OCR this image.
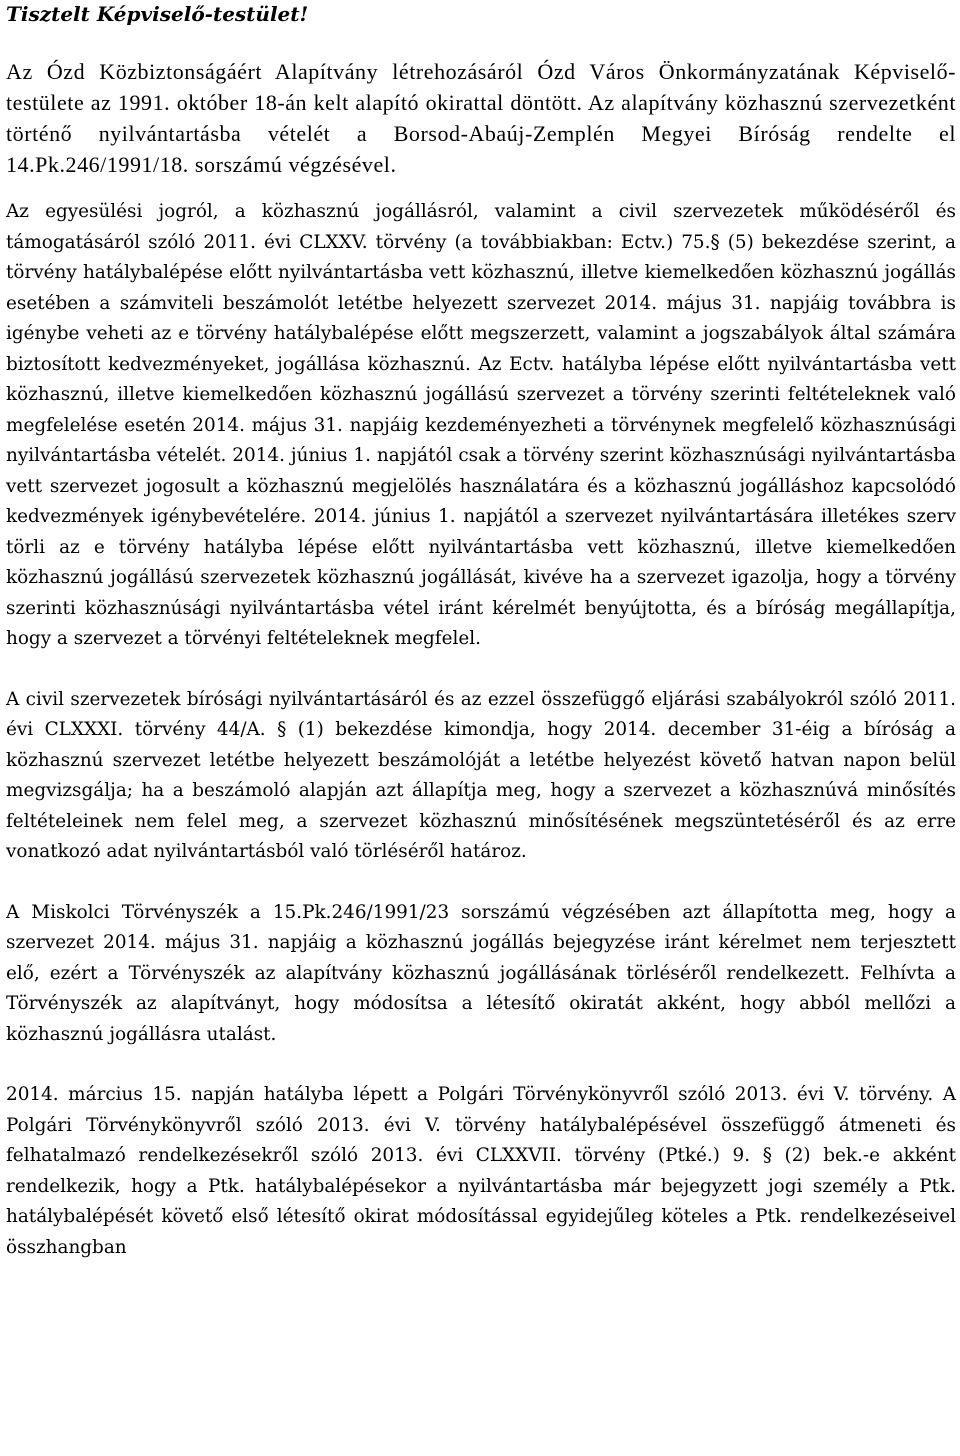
Tisztelt Képviselő-testület!

Az Ózd Közbiztonságáért Alapítvány létrehozásáról Ózd Város Önkormányzatának Képviselő-testülete az 1991. október 18-án kelt alapító okirattal döntött. Az alapítvány közhasznú szervezetként történő nyilvántartásba vételét a Borsod-Abaúj-Zemplén Megyei Bíróság rendelte el 14.Pk.246/1991/18. sorszámú végzésével.

Az egyesülési jogról, a közhasznú jogállásról, valamint a civil szervezetek működéséről és támogatásáról szóló 2011. évi CLXXV. törvény (a továbbiakban: Ectv.) 75.§ (5) bekezdése szerint, a törvény hatálybalépése előtt nyilvántartásba vett közhasznú, illetve kiemelkedően közhasznú jogállás esetében a számviteli beszámolót letétbe helyezett szervezet 2014. május 31. napjáig továbbra is igénybe veheti az e törvény hatálybalépése előtt megszerzett, valamint a jogszabályok által számára biztosított kedvezményeket, jogállása közhasznú. Az Ectv. hatályba lépése előtt nyilvántartásba vett közhasznú, illetve kiemelkedően közhasznú jogállású szervezet a törvény szerinti feltételeknek való megfelelése esetén 2014. május 31. napjáig kezdeményezheti a törvénynek megfelelő közhasznúsági nyilvántartásba vételét. 2014. június 1. napjától csak a törvény szerint közhasznúsági nyilvántartásba vett szervezet jogosult a közhasznú megjelölés használatára és a közhasznú jogálláshoz kapcsolódó kedvezmények igénybevételére. 2014. június 1. napjától a szervezet nyilvántartására illetékes szerv törli az e törvény hatályba lépése előtt nyilvántartásba vett közhasznú, illetve kiemelkedően közhasznú jogállású szervezetek közhasznú jogállását, kivéve ha a szervezet igazolja, hogy a törvény szerinti közhasznúsági nyilvántartásba vétel iránt kérelmét benyújtotta, és a bíróság megállapítja, hogy a szervezet a törvényi feltételeknek megfelel.

A civil szervezetek bírósági nyilvántartásáról és az ezzel összefüggő eljárási szabályokról szóló 2011. évi CLXXXI. törvény 44/A. § (1) bekezdése kimondja, hogy 2014. december 31-éig a bíróság a közhasznú szervezet letétbe helyezett beszámolóját a letétbe helyezést követő hatvan napon belül megvizsgálja; ha a beszámoló alapján azt állapítja meg, hogy a szervezet a közhasznúvá minősítés feltételeinek nem felel meg, a szervezet közhasznú minősítésének megszüntetéséről és az erre vonatkozó adat nyilvántartásból való törléséről határoz.

A Miskolci Törvényszék a 15.Pk.246/1991/23 sorszámú végzésében azt állapította meg, hogy a szervezet 2014. május 31. napjáig a közhasznú jogállás bejegyzése iránt kérelmet nem terjesztett elő, ezért a Törvényszék az alapítvány közhasznú jogállásának törléséről rendelkezett. Felhívta a Törvényszék az alapítványt, hogy módosítsa a létesítő okiratát akként, hogy abból mellőzi a közhasznú jogállásra utalást.

2014. március 15. napján hatályba lépett a Polgári Törvénykönyvről szóló 2013. évi V. törvény. A Polgári Törvénykönyvről szóló 2013. évi V. törvény hatálybalépésével összefüggő átmeneti és felhatalmazó rendelkezésekről szóló 2013. évi CLXXVII. törvény (Ptké.) 9. § (2) bek.-e akként rendelkezik, hogy a Ptk. hatálybalépésekor a nyilvántartásba már bejegyzett jogi személy a Ptk. hatálybalépését követő első létesítő okirat módosítással egyidejűleg köteles a Ptk. rendelkezéseivel összhangban
